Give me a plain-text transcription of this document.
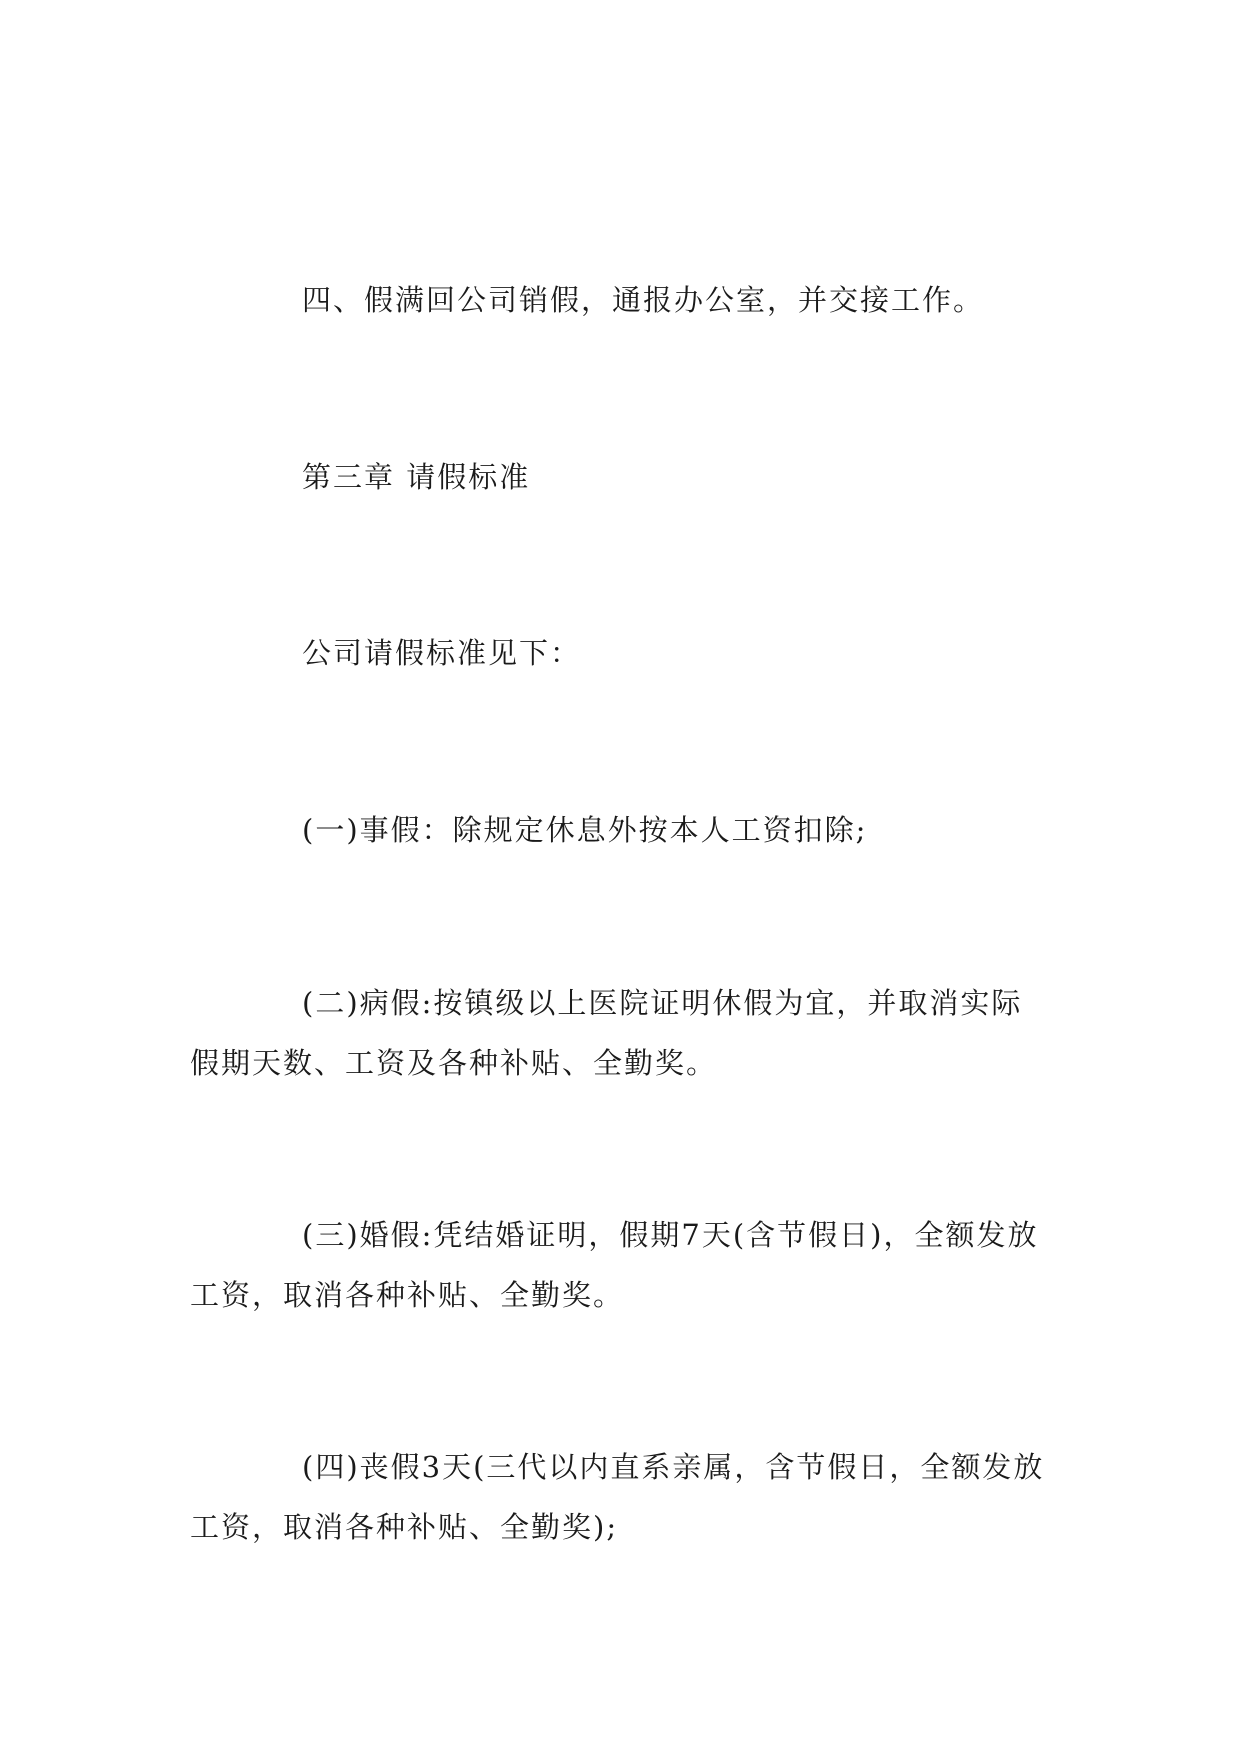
四、假满回公司销假，通报办公室，并交接工作。

第三章 请假标准

公司请假标准见下：

(一)事假：除规定休息外按本人工资扣除;

(二)病假:按镇级以上医院证明休假为宜，并取消实际假期天数、工资及各种补贴、全勤奖。

(三)婚假:凭结婚证明，假期7天(含节假日)，全额发放工资，取消各种补贴、全勤奖。

(四)丧假3天(三代以内直系亲属，含节假日，全额发放工资，取消各种补贴、全勤奖);
